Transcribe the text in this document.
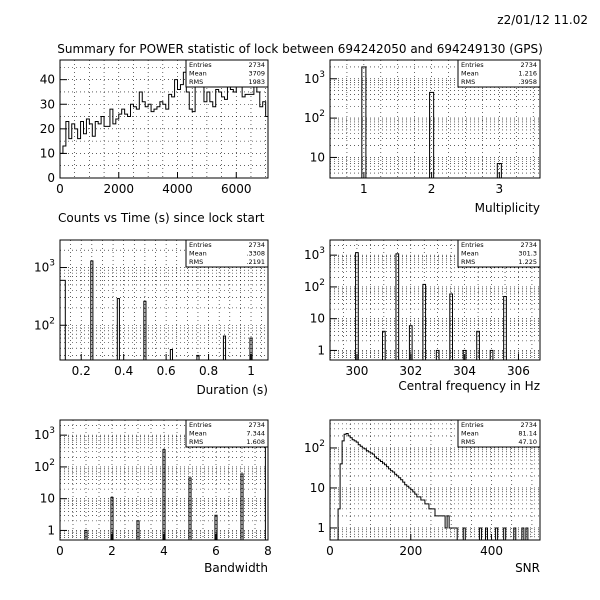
z2/01/12 11.02
Summary for POWER statistic of lock between 694242050 and 694249130 (GPS)
0	2000 4000 6000
0
10
20
30
40
Counts vs Time (s) since lock start
Entries	2734
Mean	3709
RMS	1983
1	2	3
10
$10^2$
$10^3$
Multiplicity
Entries	2734
Mean	1.216
RMS	.3958
0.2 0.4 0.6 0.8 1
$10^2$
$10^3$
Duration (s)
Entries	2734
Mean	.3308
RMS	.2191
300	302	304	306
1
10
$10^2$
$10^3$
Central frequency in Hz
Entries	2734
Mean	301.3
RMS	1.225
0	2	4	6	8
1
10
$10^2$
$10^3$
Bandwidth
Entries	2734
Mean	7.344
RMS	1.608
0	200	400
1
10
$10^2$
SNR
Entries	2734
Mean	81.14
RMS	47.10
